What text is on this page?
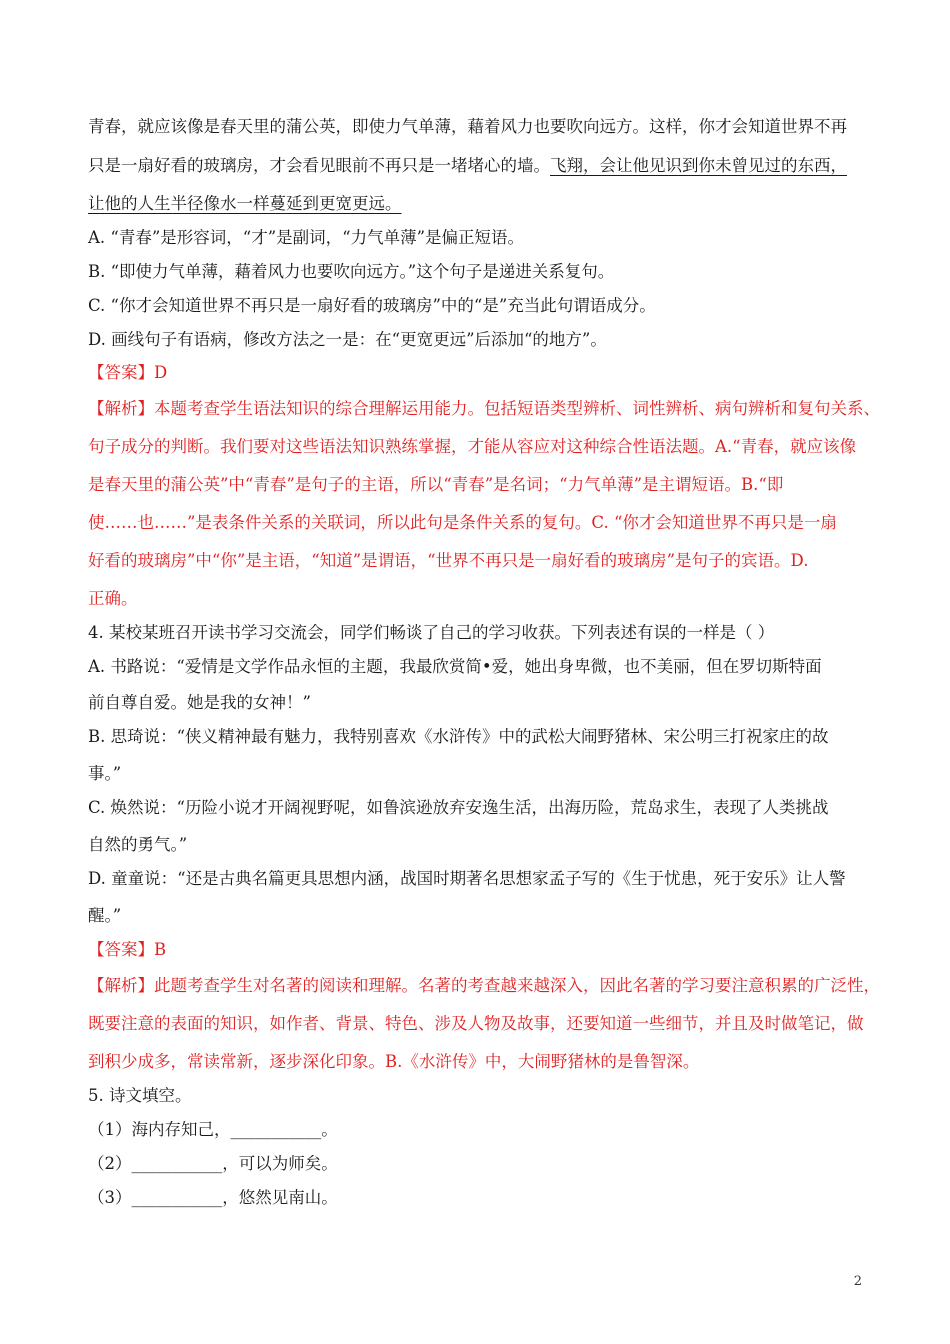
青春，就应该像是春天里的蒲公英，即使力气单薄，藉着风力也要吹向远方。这样，你才会知道世界不再
只是一扇好看的玻璃房，才会看见眼前不再只是一堵堵心的墙。飞翔，会让他见识到你未曾见过的东西，
让他的人生半径像水一样蔓延到更宽更远。
A. “青春”是形容词，“才”是副词，“力气单薄”是偏正短语。
B. “即使力气单薄，藉着风力也要吹向远方。”这个句子是递进关系复句。
C. “你才会知道世界不再只是一扇好看的玻璃房”中的“是”充当此句谓语成分。
D. 画线句子有语病，修改方法之一是：在“更宽更远”后添加“的地方”。
【答案】D
【解析】本题考查学生语法知识的综合理解运用能力。包括短语类型辨析、词性辨析、病句辨析和复句关系、
句子成分的判断。我们要对这些语法知识熟练掌握，才能从容应对这种综合性语法题。A.“青春，就应该像
是春天里的蒲公英”中“青春”是句子的主语，所以“青春”是名词；“力气单薄”是主谓短语。B.“即
使……也……”是表条件关系的关联词，所以此句是条件关系的复句。C. “你才会知道世界不再只是一扇
好看的玻璃房”中“你”是主语，“知道”是谓语，“世界不再只是一扇好看的玻璃房”是句子的宾语。D.
正确。
4. 某校某班召开读书学习交流会，同学们畅谈了自己的学习收获。下列表述有误的一样是（ ）
A. 书路说：“爱情是文学作品永恒的主题，我最欣赏简•爱，她出身卑微，也不美丽，但在罗切斯特面
前自尊自爱。她是我的女神！”
B. 思琦说：“侠义精神最有魅力，我特别喜欢《水浒传》中的武松大闹野猪林、宋公明三打祝家庄的故
事。”
C. 焕然说：“历险小说才开阔视野呢，如鲁滨逊放弃安逸生活，出海历险，荒岛求生，表现了人类挑战
自然的勇气。”
D. 童童说：“还是古典名篇更具思想内涵，战国时期著名思想家孟子写的《生于忧患，死于安乐》让人警
醒。”
【答案】B
【解析】此题考查学生对名著的阅读和理解。名著的考查越来越深入，因此名著的学习要注意积累的广泛性，
既要注意的表面的知识，如作者、背景、特色、涉及人物及故事，还要知道一些细节，并且及时做笔记，做
到积少成多，常读常新，逐步深化印象。B.《水浒传》中，大闹野猪林的是鲁智深。
5. 诗文填空。
（1）海内存知己，___________。
（2）___________，可以为师矣。
（3）___________，悠然见南山。
2
